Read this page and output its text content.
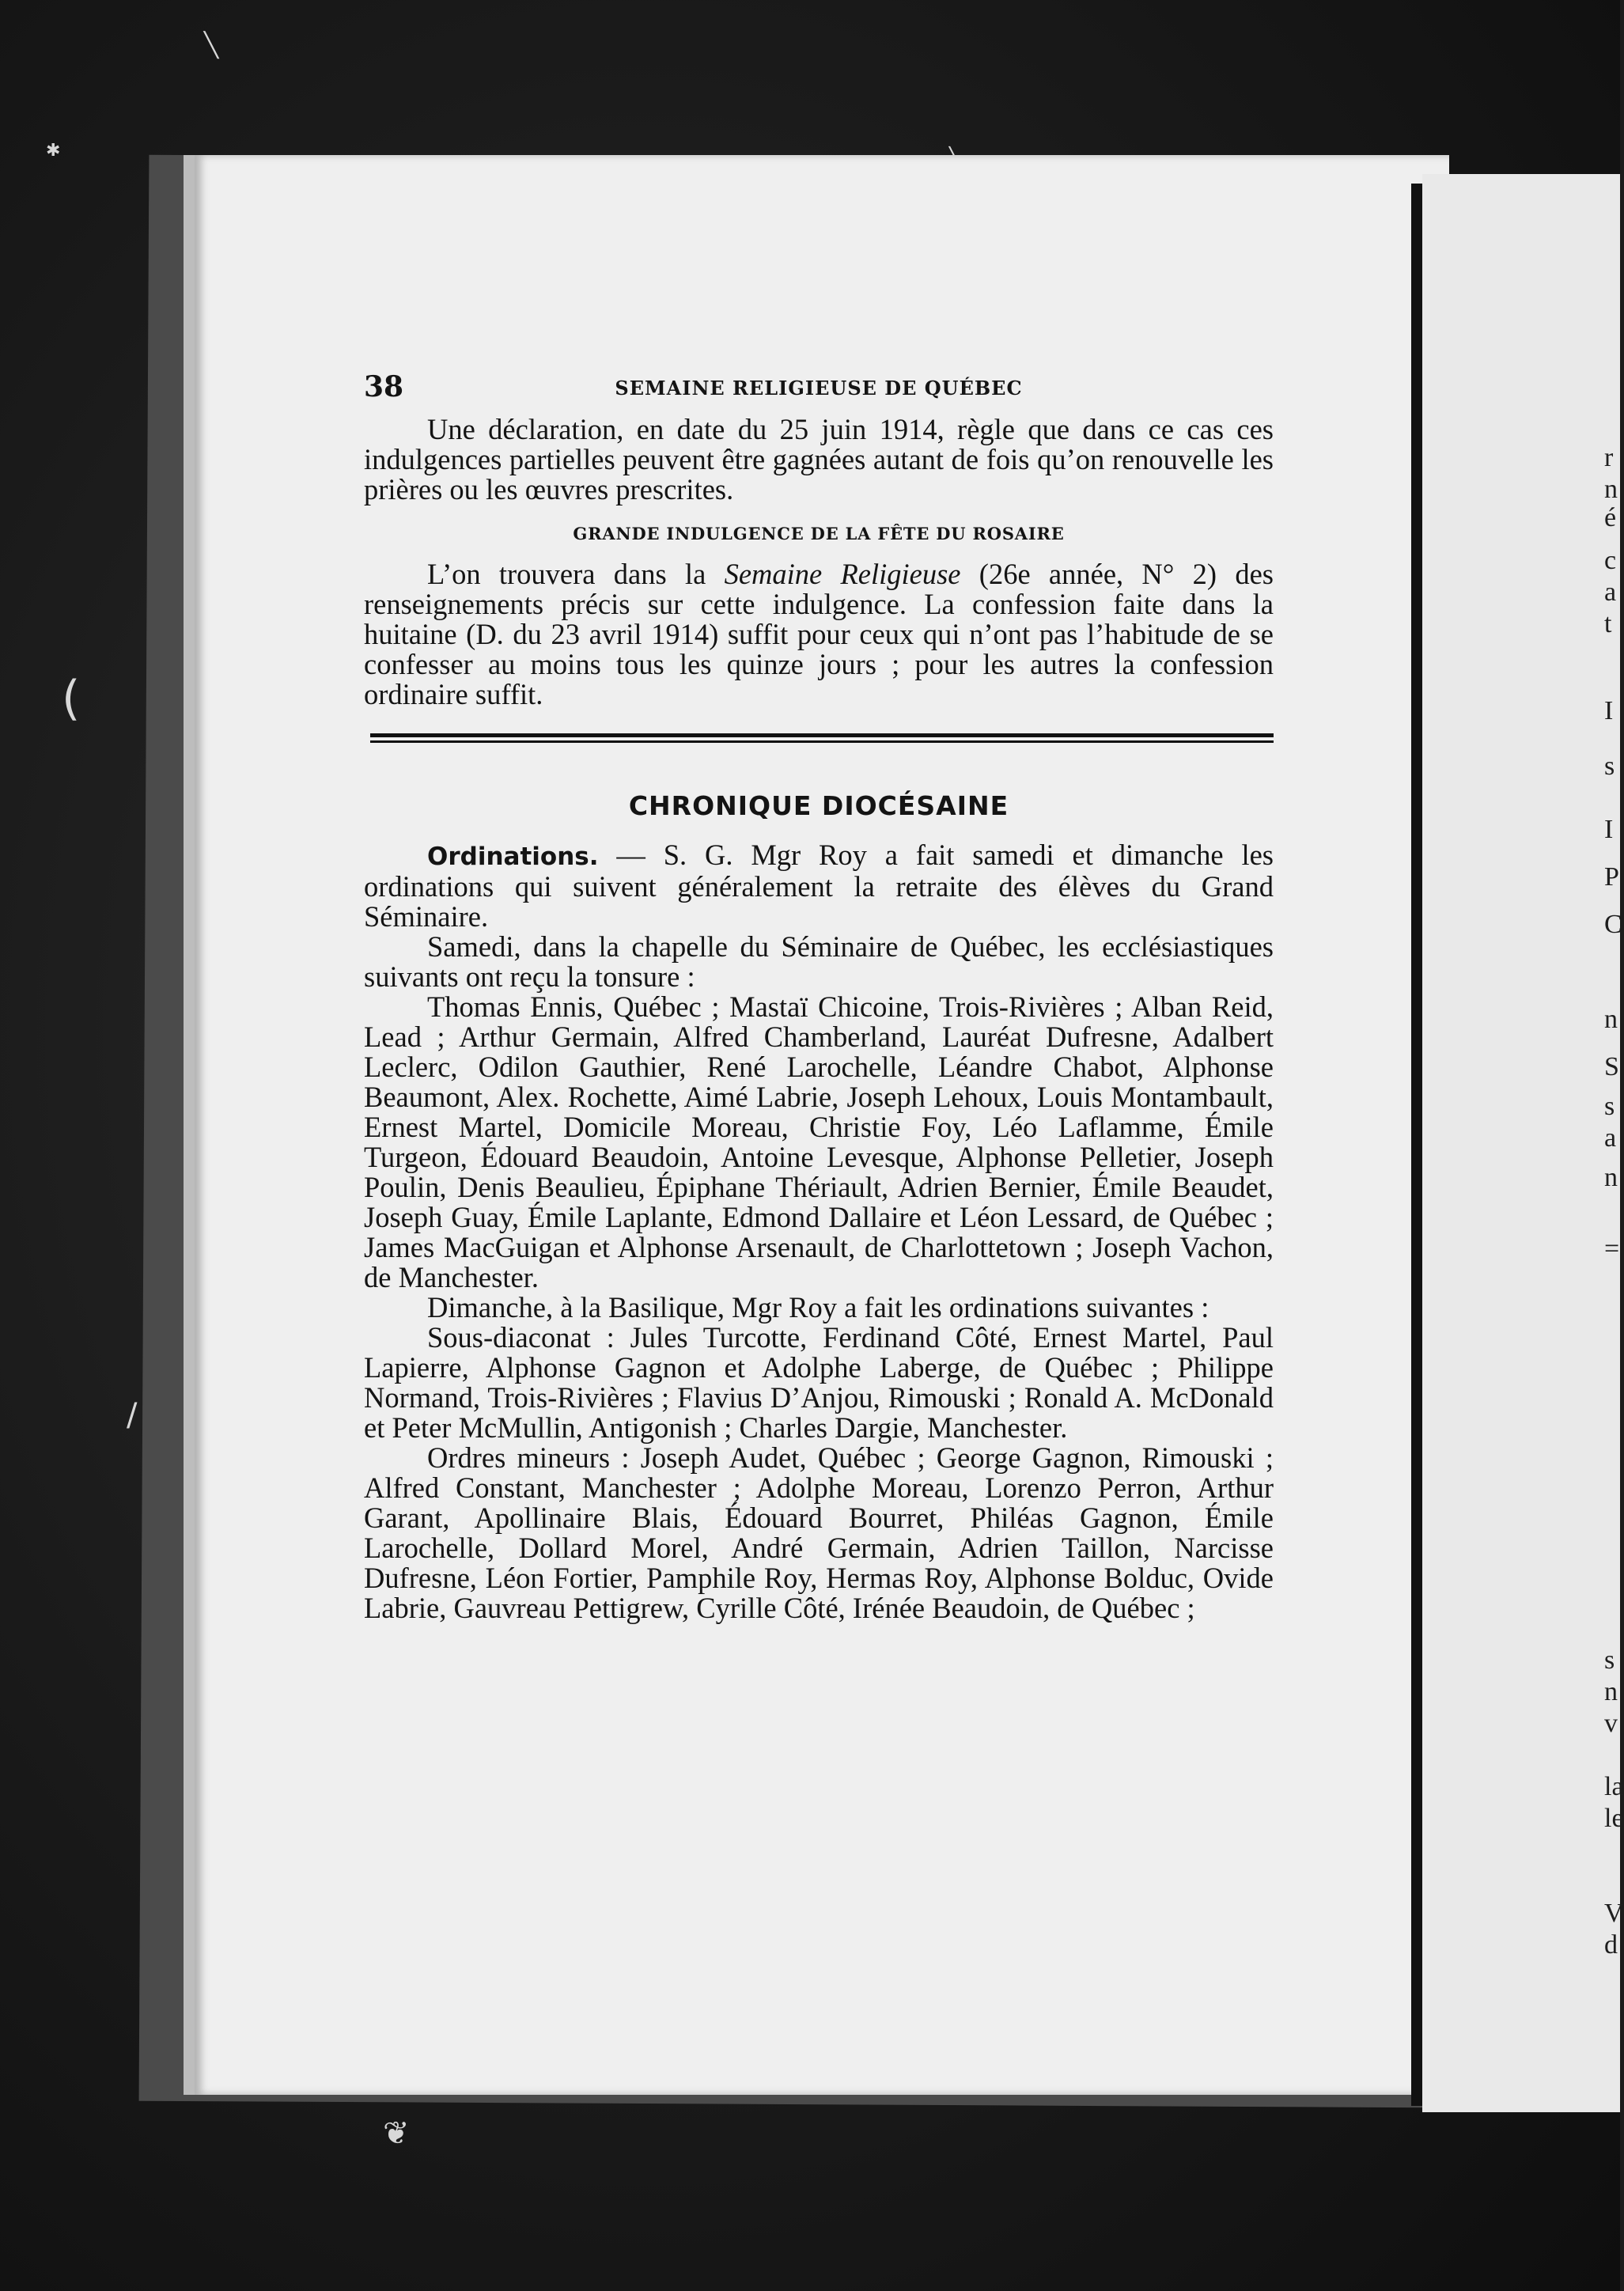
╲
✱
(
/
❦
r
n
é
c
a
t
I
s
I
P
C
n
S
s
a
n
=
s
n
v
la
le
V
d
38	SEMAINE RELIGIEUSE DE QUÉBEC

Une déclaration, en date du 25 juin 1914, règle que dans ce cas ces indulgences partielles peuvent être gagnées autant de fois qu’on renouvelle les prières ou les œuvres prescrites.

GRANDE INDULGENCE DE LA FÊTE DU ROSAIRE

L’on trouvera dans la Semaine Religieuse (26e année, N° 2) des renseignements précis sur cette indulgence. La confession faite dans la huitaine (D. du 23 avril 1914) suffit pour ceux qui n’ont pas l’habitude de se confesser au moins tous les quinze jours ; pour les autres la confession ordinaire suffit.

CHRONIQUE DIOCÉSAINE

Ordinations. — S. G. Mgr Roy a fait samedi et dimanche les ordinations qui suivent généralement la retraite des élèves du Grand Séminaire.

Samedi, dans la chapelle du Séminaire de Québec, les ecclésiastiques suivants ont reçu la tonsure :

Thomas Ennis, Québec ; Mastaï Chicoine, Trois-Rivières ; Alban Reid, Lead ; Arthur Germain, Alfred Chamberland, Lauréat Dufresne, Adalbert Leclerc, Odilon Gauthier, René Larochelle, Léandre Chabot, Alphonse Beaumont, Alex. Rochette, Aimé Labrie, Joseph Lehoux, Louis Montambault, Ernest Martel, Domicile Moreau, Christie Foy, Léo Laflamme, Émile Turgeon, Édouard Beaudoin, Antoine Levesque, Alphonse Pelletier, Joseph Poulin, Denis Beaulieu, Épiphane Thériault, Adrien Bernier, Émile Beaudet, Joseph Guay, Émile Laplante, Edmond Dallaire et Léon Lessard, de Québec ; James MacGuigan et Alphonse Arsenault, de Charlottetown ; Joseph Vachon, de Manchester.

Dimanche, à la Basilique, Mgr Roy a fait les ordinations suivantes :

Sous-diaconat : Jules Turcotte, Ferdinand Côté, Ernest Martel, Paul Lapierre, Alphonse Gagnon et Adolphe Laberge, de Québec ; Philippe Normand, Trois-Rivières ; Flavius D’Anjou, Rimouski ; Ronald A. McDonald et Peter McMullin, Antigonish ; Charles Dargie, Manchester.

Ordres mineurs : Joseph Audet, Québec ; George Gagnon, Rimouski ; Alfred Constant, Manchester ; Adolphe Moreau, Lorenzo Perron, Arthur Garant, Apollinaire Blais, Édouard Bourret, Philéas Gagnon, Émile Larochelle, Dollard Morel, André Germain, Adrien Taillon, Narcisse Dufresne, Léon Fortier, Pamphile Roy, Hermas Roy, Alphonse Bolduc, Ovide Labrie, Gauvreau Pettigrew, Cyrille Côté, Irénée Beaudoin, de Québec ;
